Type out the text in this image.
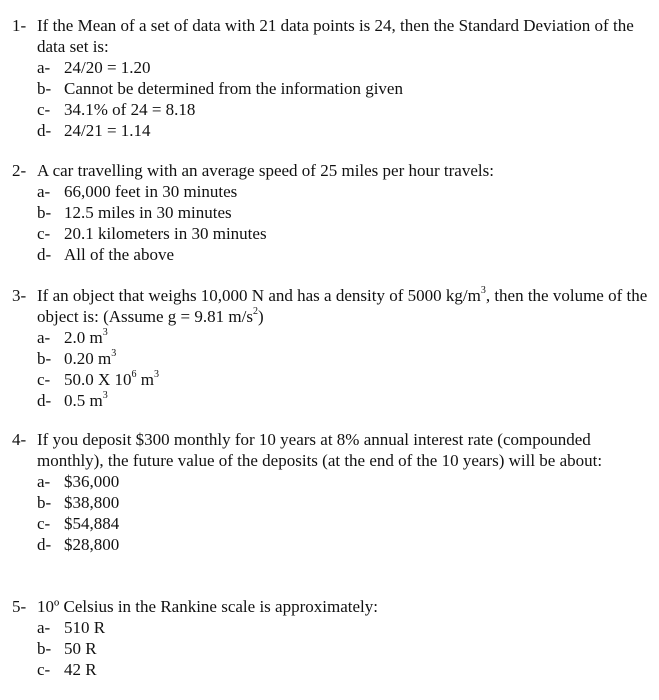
1- If the Mean of a set of data with 21 data points is 24, then the Standard Deviation of the data set is:
a- 24/20 = 1.20
b- Cannot be determined from the information given
c- 34.1% of 24 = 8.18
d- 24/21 = 1.14
2- A car travelling with an average speed of 25 miles per hour travels:
a- 66,000 feet in 30 minutes
b- 12.5 miles in 30 minutes
c- 20.1 kilometers in 30 minutes
d- All of the above
3- If an object that weighs 10,000 N and has a density of 5000 $kg/m^3$, then the volume of the object is: (Assume g = 9.81 $m/s^2$)
a- 2.0 $m^3$
b- 0.20 $m^3$
c- 50.0 X $10^6$ $m^3$
d- 0.5 $m^3$
4- If you deposit $300 monthly for 10 years at 8% annual interest rate (compounded monthly), the future value of the deposits (at the end of the 10 years) will be about:
a- $36,000
b- $38,800
c- $54,884
d- $28,800
5- 10º Celsius in the Rankine scale is approximately:
a- 510 R
b- 50 R
c- 42 R
